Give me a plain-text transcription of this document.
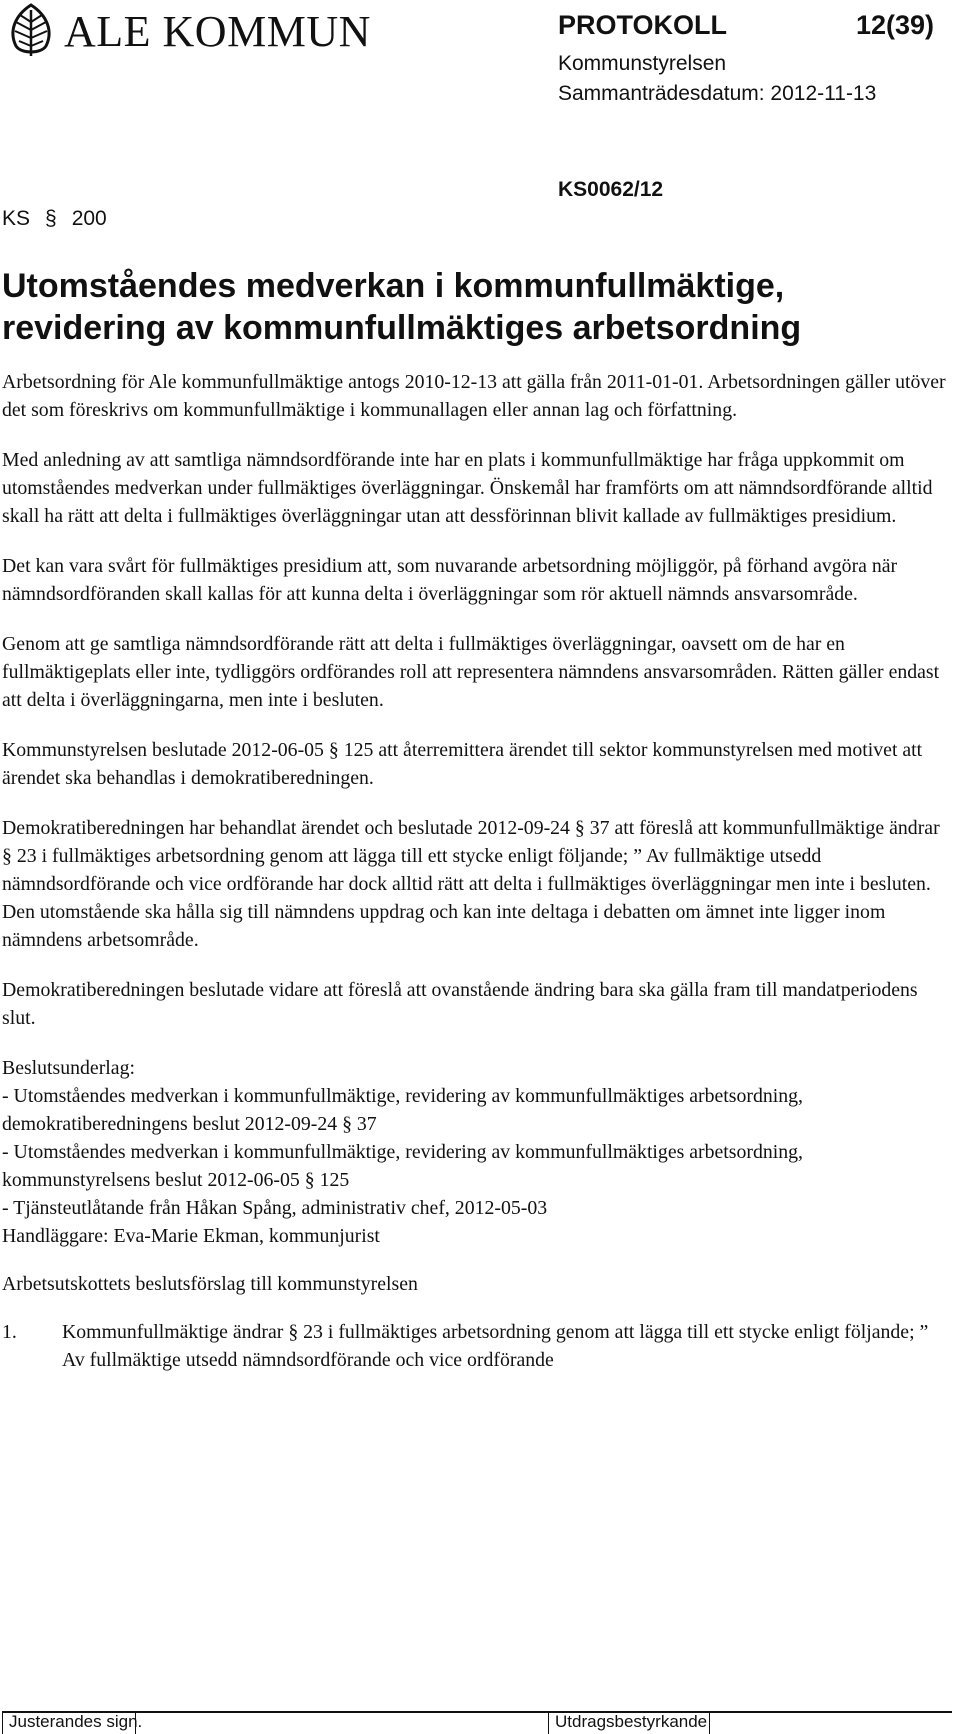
ALE KOMMUN	PROTOKOLL	12(39)
Kommunstyrelsen
Sammanträdesdatum: 2012-11-13
KS0062/12
KS § 200
Utomståendes medverkan i kommunfullmäktige,
revidering av kommunfullmäktiges arbetsordning

Arbetsordning för Ale kommunfullmäktige antogs 2010-12-13 att gälla från 2011-01-01. Arbetsordningen gäller utöver det som föreskrivs om kommunfullmäktige i kommunallagen eller annan lag och författning.

Med anledning av att samtliga nämndsordförande inte har en plats i kommunfullmäktige har fråga uppkommit om utomståendes medverkan under fullmäktiges överläggningar. Önskemål har framförts om att nämndsordförande alltid skall ha rätt att delta i fullmäktiges överläggningar utan att dessförinnan blivit kallade av fullmäktiges presidium.

Det kan vara svårt för fullmäktiges presidium att, som nuvarande arbetsordning möjliggör, på förhand avgöra när nämndsordföranden skall kallas för att kunna delta i överläggningar som rör aktuell nämnds ansvarsområde.

Genom att ge samtliga nämndsordförande rätt att delta i fullmäktiges överläggningar, oavsett om de har en fullmäktigeplats eller inte, tydliggörs ordförandes roll att representera nämndens ansvarsområden. Rätten gäller endast att delta i överläggningarna, men inte i besluten.

Kommunstyrelsen beslutade 2012-06-05 § 125 att återremittera ärendet till sektor kommunstyrelsen med motivet att ärendet ska behandlas i demokratiberedningen.

Demokratiberedningen har behandlat ärendet och beslutade 2012-09-24 § 37 att föreslå att kommunfullmäktige ändrar § 23 i fullmäktiges arbetsordning genom att lägga till ett stycke enligt följande; ” Av fullmäktige utsedd nämndsordförande och vice ordförande har dock alltid rätt att delta i fullmäktiges överläggningar men inte i besluten. Den utomstående ska hålla sig till nämndens uppdrag och kan inte deltaga i debatten om ämnet inte ligger inom nämndens arbetsområde.

Demokratiberedningen beslutade vidare att föreslå att ovanstående ändring bara ska gälla fram till mandatperiodens slut.

Beslutsunderlag:
- Utomståendes medverkan i kommunfullmäktige, revidering av kommunfullmäktiges arbetsordning, demokratiberedningens beslut 2012-09-24 § 37
- Utomståendes medverkan i kommunfullmäktige, revidering av kommunfullmäktiges arbetsordning, kommunstyrelsens beslut 2012-06-05 § 125
- Tjänsteutlåtande från Håkan Spång, administrativ chef, 2012-05-03
Handläggare: Eva-Marie Ekman, kommunjurist

Arbetsutskottets beslutsförslag till kommunstyrelsen

1. Kommunfullmäktige ändrar § 23 i fullmäktiges arbetsordning genom att lägga till ett stycke enligt följande; ” Av fullmäktige utsedd nämndsordförande och vice ordförande

Justerandes sign.	Utdragsbestyrkande
